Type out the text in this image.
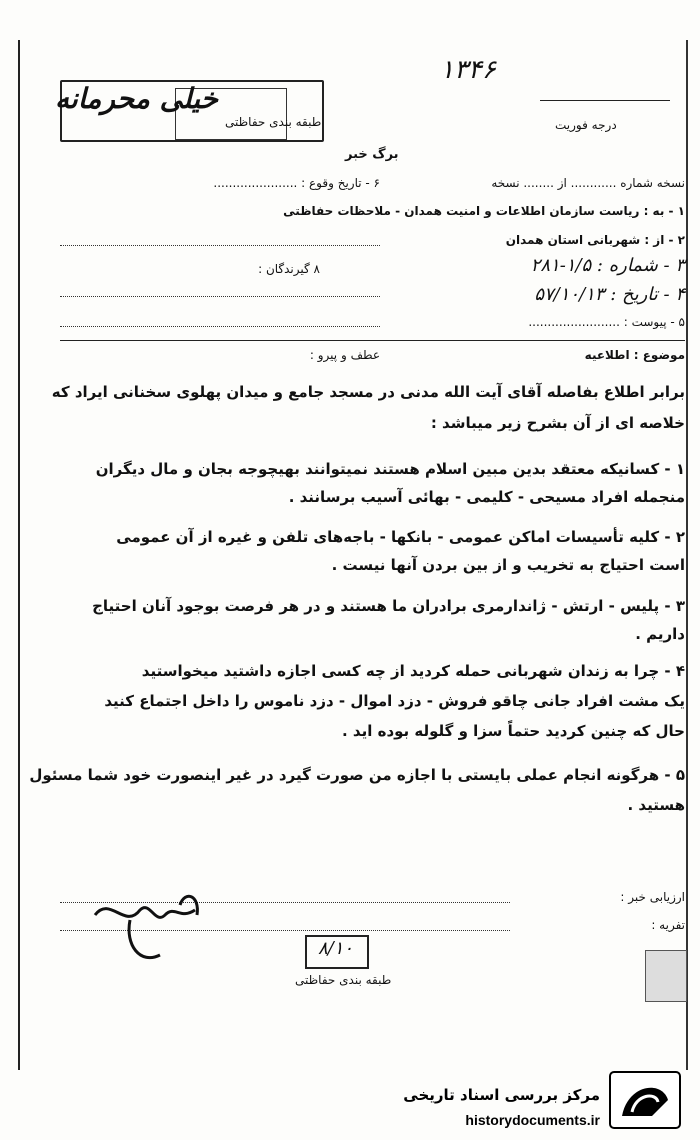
۱۳۴۶
خیلی محرمانه
طبقه بندی حفاظتی	درجه فوریت
برگ خبر
نسخه شماره ............ از ........ نسخه
۶ - تاریخ وقوع : ......................
۱ - به : ریاست سازمان اطلاعات و امنیت همدان - ملاحظات حفاظتی
۲ - از : شهربانی استان همدان
۳ - شماره : ۱/۵-۲۸۱
۸ گیرندگان :
۴ - تاریخ : ۵۷/۱۰/۱۳
۵ - پیوست : ........................
موضوع : اطلاعیه
عطف و پیرو :
برابر اطلاع بفاصله آقای آیت الله مدنی در مسجد جامع و میدان پهلوی سخنانی ایراد که
خلاصه ای از آن بشرح زیر میباشد :
۱ - کسانیکه معتقد بدین مبین اسلام هستند نمیتوانند بهیچوجه بجان و مال دیگران
منجمله افراد مسیحی - کلیمی - بهائی آسیب برسانند .
۲ - کلیه تأسیسات اماکن عمومی - بانکها - باجه‌های تلفن و غیره از آن عمومی
است احتیاج به تخریب و از بین بردن آنها نیست .
۳ - پلیس - ارتش - ژاندارمری برادران ما هستند و در هر فرصت بوجود آنان احتیاج
داریم .
۴ - چرا به زندان شهربانی حمله کردید از چه کسی اجازه داشتید میخواستید
یک مشت افراد جانی چاقو فروش - دزد اموال - دزد ناموس را داخل اجتماع کنید
حال که چنین کردید حتماً سزا و گلوله بوده اید .
۵ - هرگونه انجام عملی بایستی با اجازه من صورت گیرد در غیر اینصورت خود شما مسئول
هستید .
ارزیابی خبر :
تفریه :
۸/۱۰
طبقه بندی حفاظتی
مرکز بررسی اسناد تاریخی
historydocuments.ir
